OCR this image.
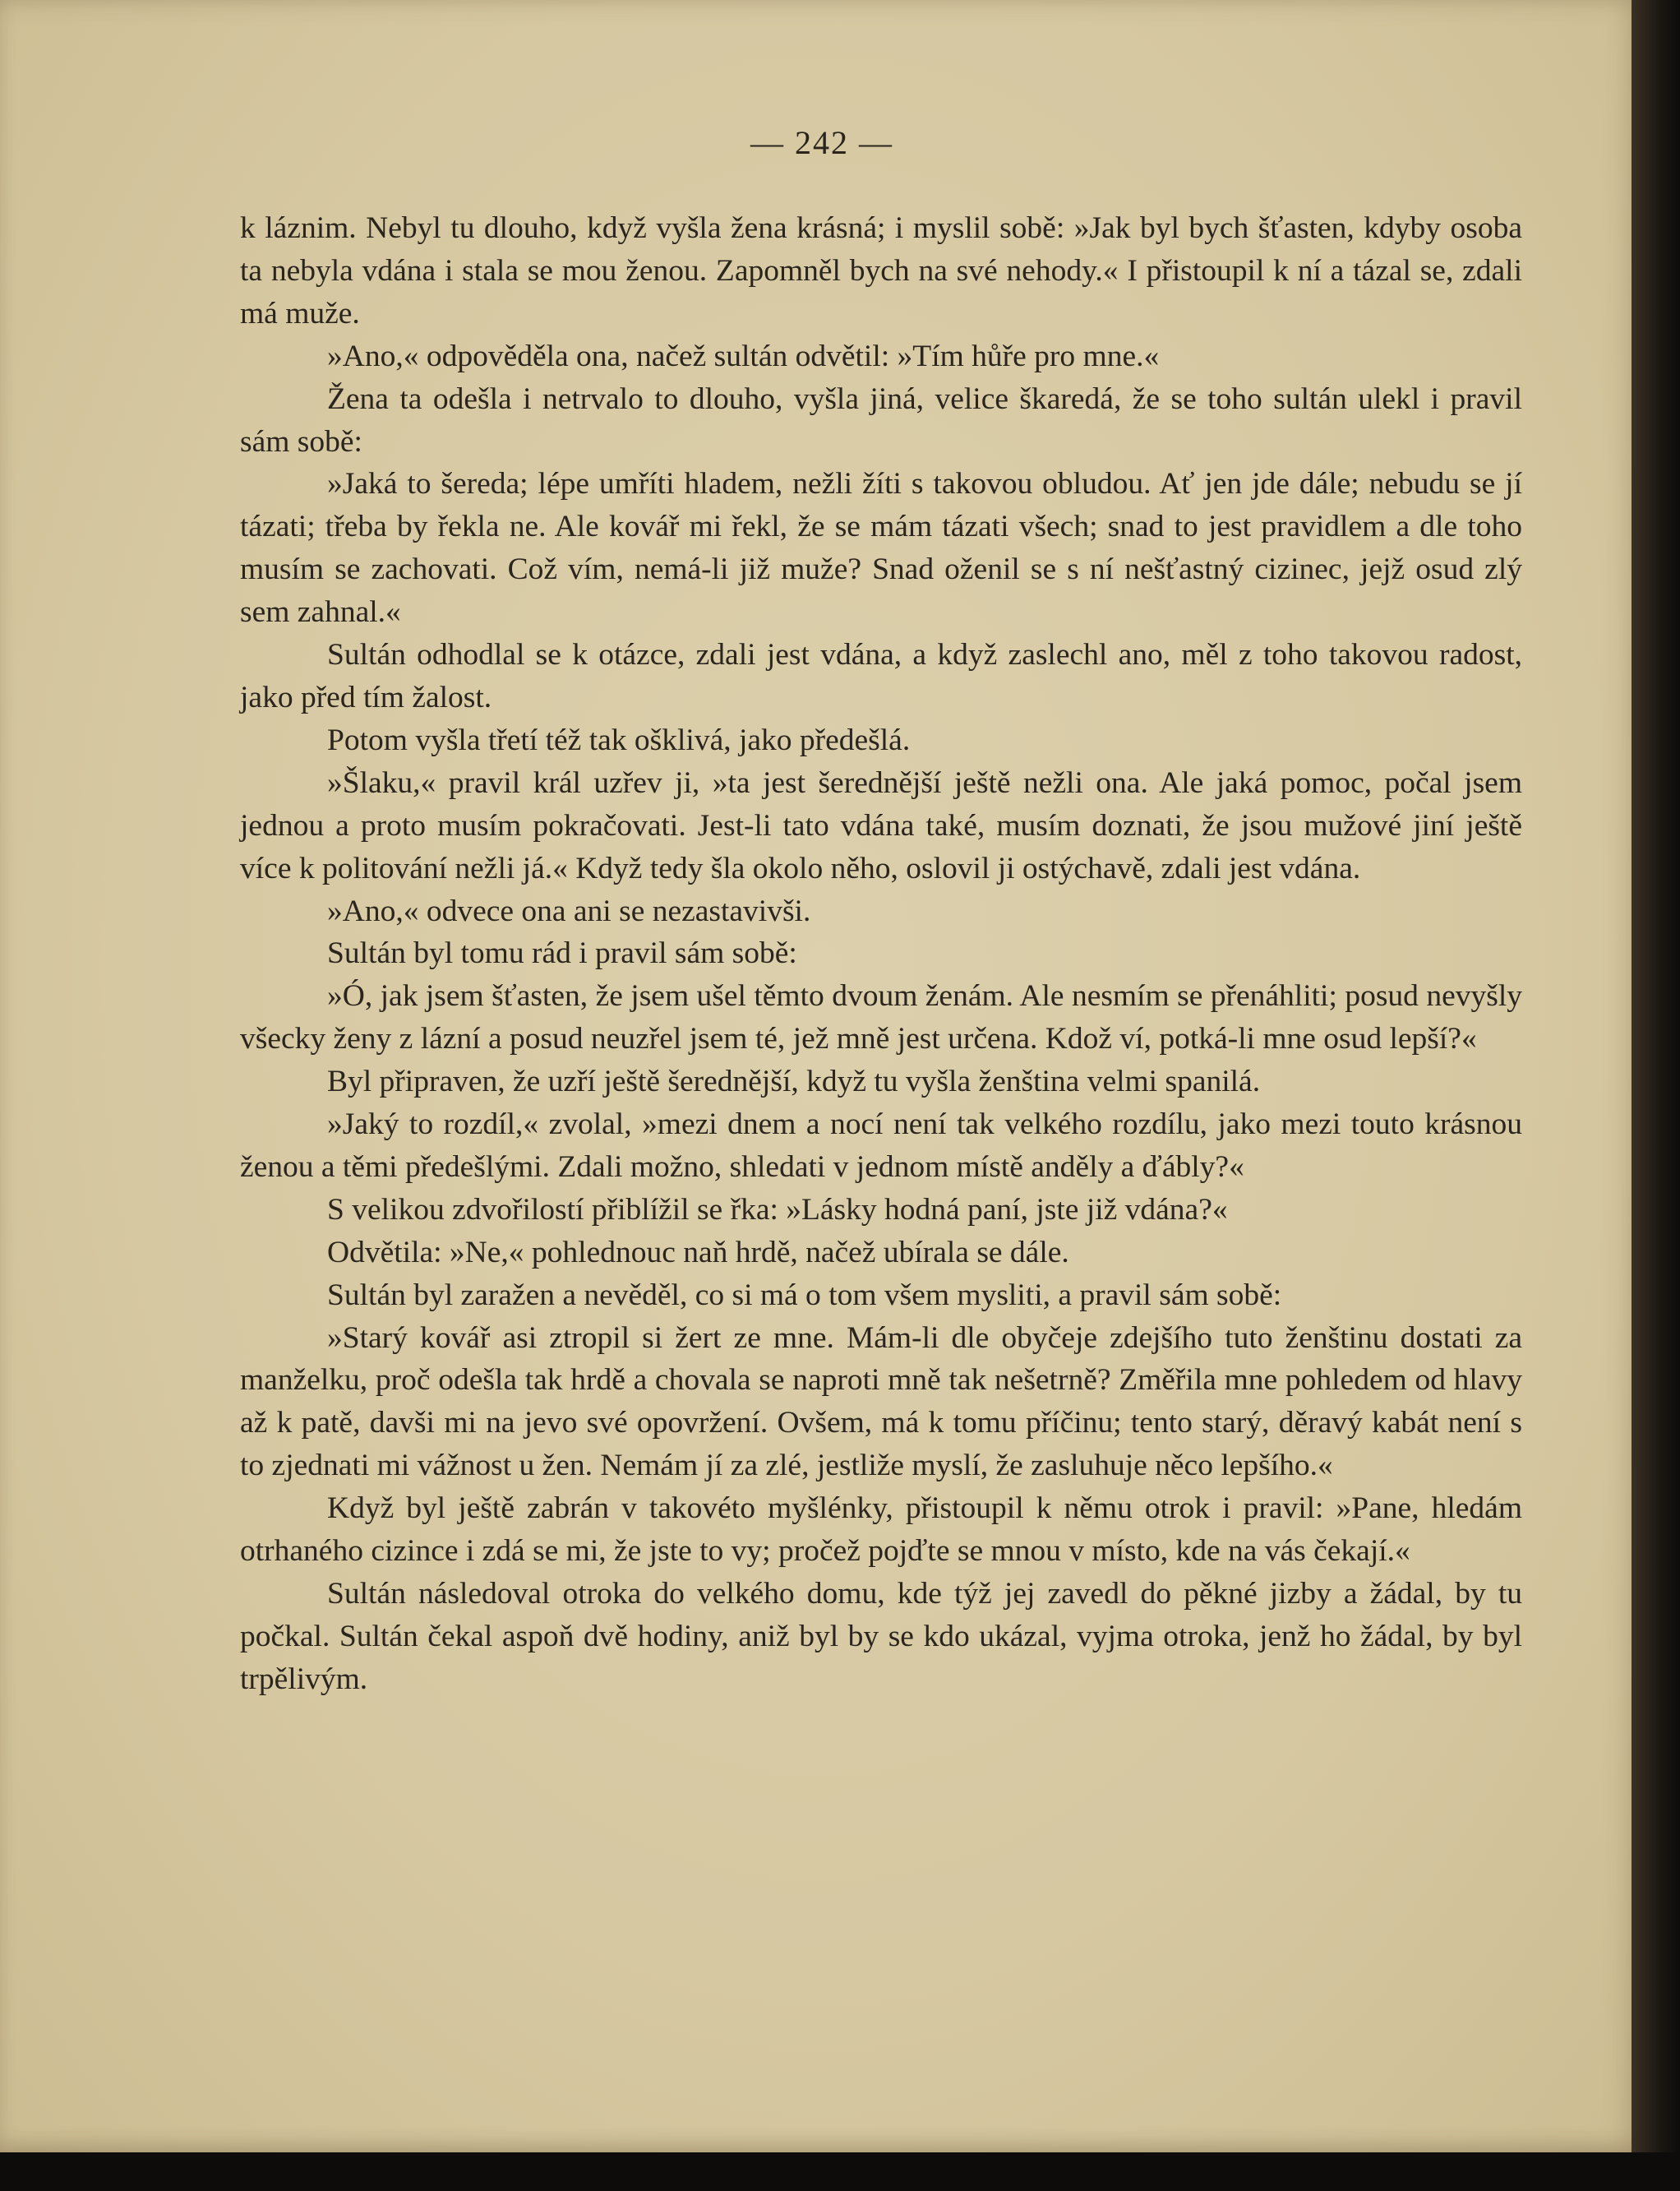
— 242 —

k láznim. Nebyl tu dlouho, když vyšla žena krásná; i myslil sobě: »Jak byl bych šťasten, kdyby osoba ta nebyla vdána i stala se mou ženou. Zapomněl bych na své nehody.« I přistoupil k ní a tázal se, zdali má muže.

»Ano,« odpověděla ona, načež sultán odvětil: »Tím hůře pro mne.«

Žena ta odešla i netrvalo to dlouho, vyšla jiná, velice škaredá, že se toho sultán ulekl i pravil sám sobě:

»Jaká to šereda; lépe umříti hladem, nežli žíti s takovou obludou. Ať jen jde dále; nebudu se jí tázati; třeba by řekla ne. Ale kovář mi řekl, že se mám tázati všech; snad to jest pravidlem a dle toho musím se zachovati. Což vím, nemá-li již muže? Snad oženil se s ní nešťastný cizinec, jejž osud zlý sem zahnal.«

Sultán odhodlal se k otázce, zdali jest vdána, a když zaslechl ano, měl z toho takovou radost, jako před tím žalost.

Potom vyšla třetí též tak ošklivá, jako předešlá.

»Šlaku,« pravil král uzřev ji, »ta jest šerednější ještě nežli ona. Ale jaká pomoc, počal jsem jednou a proto musím pokračovati. Jest-li tato vdána také, musím doznati, že jsou mužové jiní ještě více k politování nežli já.« Když tedy šla okolo něho, oslovil ji ostýchavě, zdali jest vdána.

»Ano,« odvece ona ani se nezastavivši.

Sultán byl tomu rád i pravil sám sobě:

»Ó, jak jsem šťasten, že jsem ušel těmto dvoum ženám. Ale nesmím se přenáhliti; posud nevyšly všecky ženy z lázní a posud neuzřel jsem té, jež mně jest určena. Kdož ví, potká-li mne osud lepší?«

Byl připraven, že uzří ještě šerednější, když tu vyšla ženština velmi spanilá.

»Jaký to rozdíl,« zvolal, »mezi dnem a nocí není tak velkého rozdílu, jako mezi touto krásnou ženou a těmi předešlými. Zdali možno, shledati v jednom místě anděly a ďábly?«

S velikou zdvořilostí přiblížil se řka: »Lásky hodná paní, jste již vdána?«

Odvětila: »Ne,« pohlednouc naň hrdě, načež ubírala se dále.

Sultán byl zaražen a nevěděl, co si má o tom všem mysliti, a pravil sám sobě:

»Starý kovář asi ztropil si žert ze mne. Mám-li dle obyčeje zdejšího tuto ženštinu dostati za manželku, proč odešla tak hrdě a chovala se naproti mně tak nešetrně? Změřila mne pohledem od hlavy až k patě, davši mi na jevo své opovržení. Ovšem, má k tomu příčinu; tento starý, děravý kabát není s to zjednati mi vážnost u žen. Nemám jí za zlé, jestliže myslí, že zasluhuje něco lepšího.«

Když byl ještě zabrán v takovéto myšlénky, přistoupil k němu otrok i pravil: »Pane, hledám otrhaného cizince i zdá se mi, že jste to vy; pročež pojďte se mnou v místo, kde na vás čekají.«

Sultán následoval otroka do velkého domu, kde týž jej zavedl do pěkné jizby a žádal, by tu počkal. Sultán čekal aspoň dvě hodiny, aniž byl by se kdo ukázal, vyjma otroka, jenž ho žádal, by byl trpělivým.
